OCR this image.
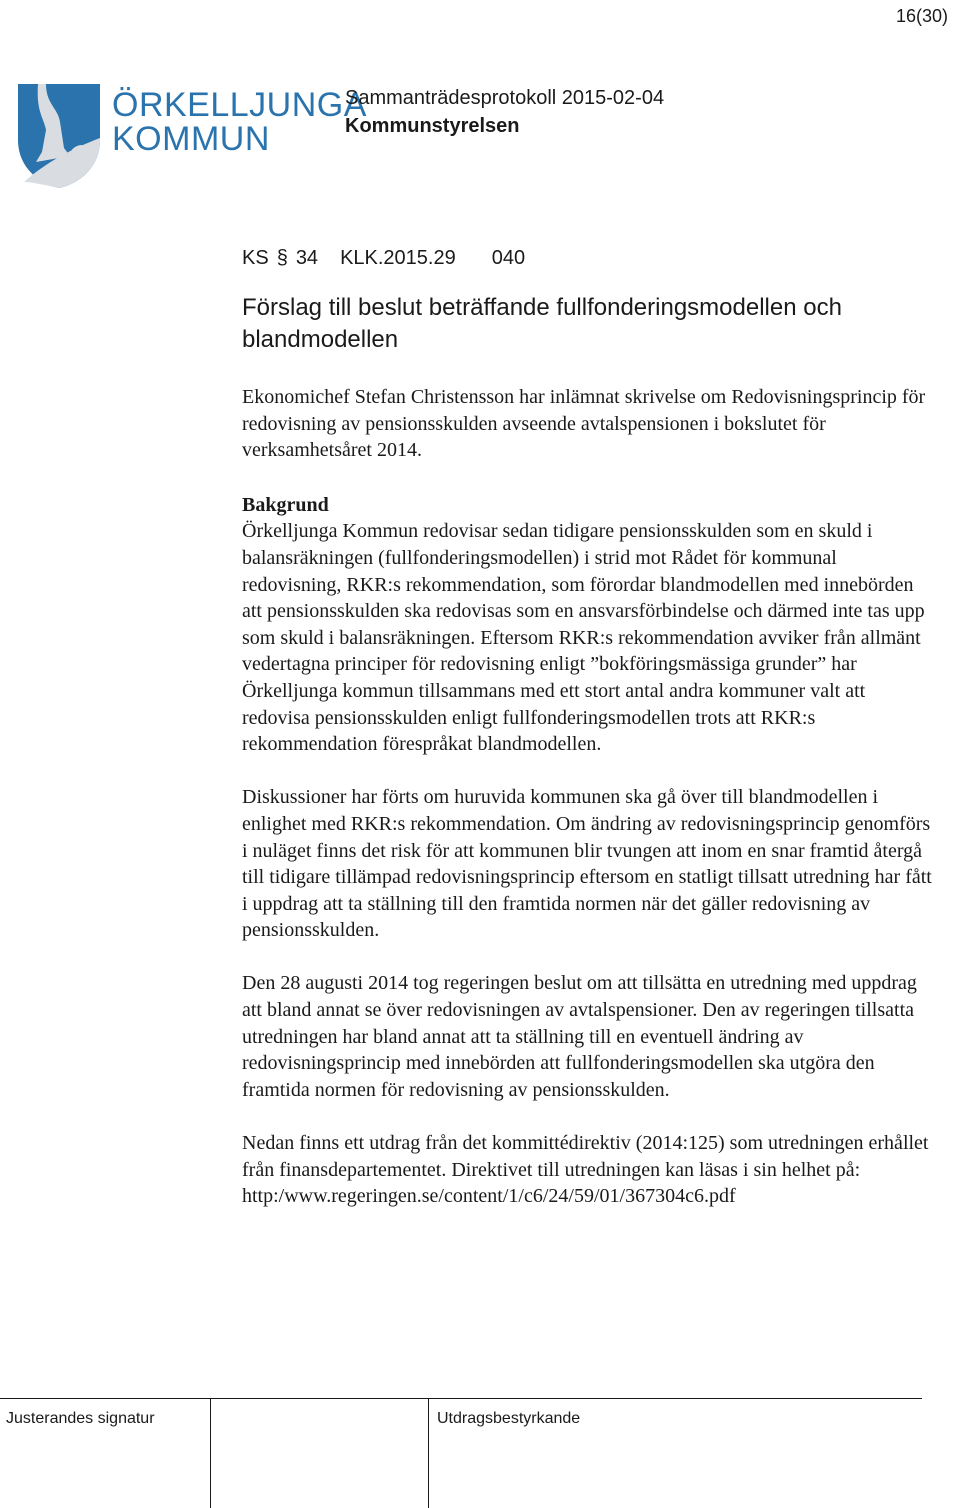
16(30)
ÖRKELLJUNGA
KOMMUN
Sammanträdesprotokoll 2015-02-04
Kommunstyrelsen
KS § 34 KLK.2015.29 040
Förslag till beslut beträffande fullfonderingsmodellen och blandmodellen
Ekonomichef Stefan Christensson har inlämnat skrivelse om Redovisningsprincip för redovisning av pensionsskulden avseende avtalspensionen i bokslutet för verksamhetsåret 2014.
Bakgrund
Örkelljunga Kommun redovisar sedan tidigare pensionsskulden som en skuld i balansräkningen (fullfonderingsmodellen) i strid mot Rådet för kommunal redovisning, RKR:s rekommendation, som förordar blandmodellen med innebörden att pensionsskulden ska redovisas som en ansvarsförbindelse och därmed inte tas upp som skuld i balansräkningen. Eftersom RKR:s rekommendation avviker från allmänt vedertagna principer för redovisning enligt ”bokföringsmässiga grunder” har Örkelljunga kommun tillsammans med ett stort antal andra kommuner valt att redovisa pensionsskulden enligt fullfonderingsmodellen trots att RKR:s rekommendation förespråkat blandmodellen.
Diskussioner har förts om huruvida kommunen ska gå över till blandmodellen i enlighet med RKR:s rekommendation. Om ändring av redovisningsprincip genomförs i nuläget finns det risk för att kommunen blir tvungen att inom en snar framtid återgå till tidigare tillämpad redovisningsprincip eftersom en statligt tillsatt utredning har fått i uppdrag att ta ställning till den framtida normen när det gäller redovisning av pensionsskulden.
Den 28 augusti 2014 tog regeringen beslut om att tillsätta en utredning med uppdrag att bland annat se över redovisningen av avtalspensioner. Den av regeringen tillsatta utredningen har bland annat att ta ställning till en eventuell ändring av redovisningsprincip med innebörden att fullfonderingsmodellen ska utgöra den framtida normen för redovisning av pensionsskulden.
Nedan finns ett utdrag från det kommittédirektiv (2014:125) som utredningen erhållet från finansdepartementet. Direktivet till utredningen kan läsas i sin helhet på: http:/www.regeringen.se/content/1/c6/24/59/01/367304c6.pdf
Justerandes signatur	Utdragsbestyrkande
